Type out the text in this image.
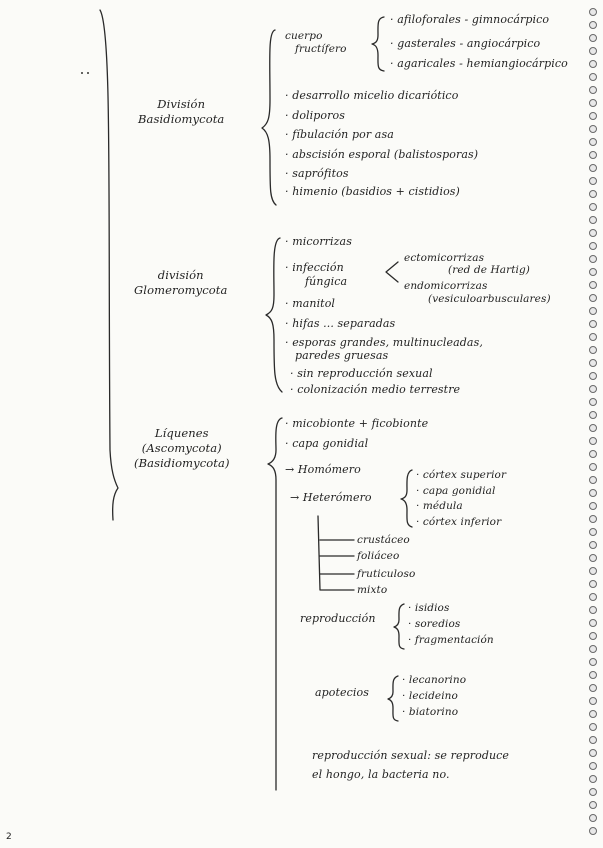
División
Basidiomycota
cuerpo
fructífero
· afiloforales - gimnocárpico
· gasterales - angiocárpico
· agaricales - hemiangiocárpico
· desarrollo micelio dicariótico
· doliporos
· fíbulación por asa
· abscisión esporal (balistosporas)
· saprófitos
· himenio (basidios + cistidios)
división
Glomeromycota
· micorrizas
· infección
fúngica
ectomicorrizas
(red de Hartig)
endomicorrizas
(vesiculoarbusculares)
· manitol
· hifas ... separadas
· esporas grandes, multinucleadas,
paredes gruesas
· sin reproducción sexual
· colonización medio terrestre
Líquenes
(Ascomycota)
(Basidiomycota)
· micobionte + ficobionte
· capa gonidial
→ Homómero
→ Heterómero
· córtex superior
· capa gonidial
· médula
· córtex inferior
crustáceo
foliáceo
fruticuloso
mixto
reproducción
· isidios
· soredios
· fragmentación
apotecios
· lecanorino
· lecideino
· biatorino
reproducción sexual: se reproduce
el hongo, la bacteria no.
2
